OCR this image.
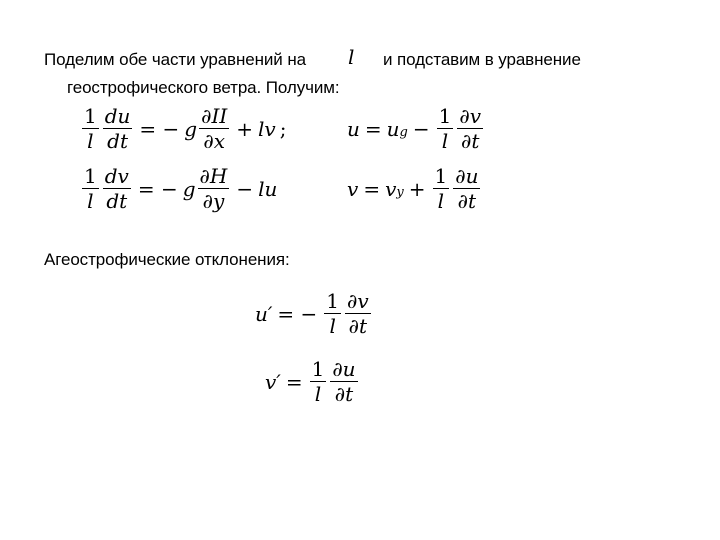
Поделим обе части уравнений на l и подставим в уравнение
геострофического ветра. Получим:
$\frac{1}{l} \frac{du}{dt}$ = − g $\frac{\partial II}{\partial x}$ + lv ;
$\frac{1}{l} \frac{dv}{dt}$ = − g $\frac{\partial H}{\partial y}$ − lu
$u = u_g - \frac{1}{l} \frac{\partial v}{\partial t}$
$v = v_y + \frac{1}{l} \frac{\partial u}{\partial t}$
Агеострофические отклонения:
u′ = − $\frac{1}{l} \frac{\partial v}{\partial t}$
$v' = \frac{1}{l} \frac{\partial u}{\partial t}$
